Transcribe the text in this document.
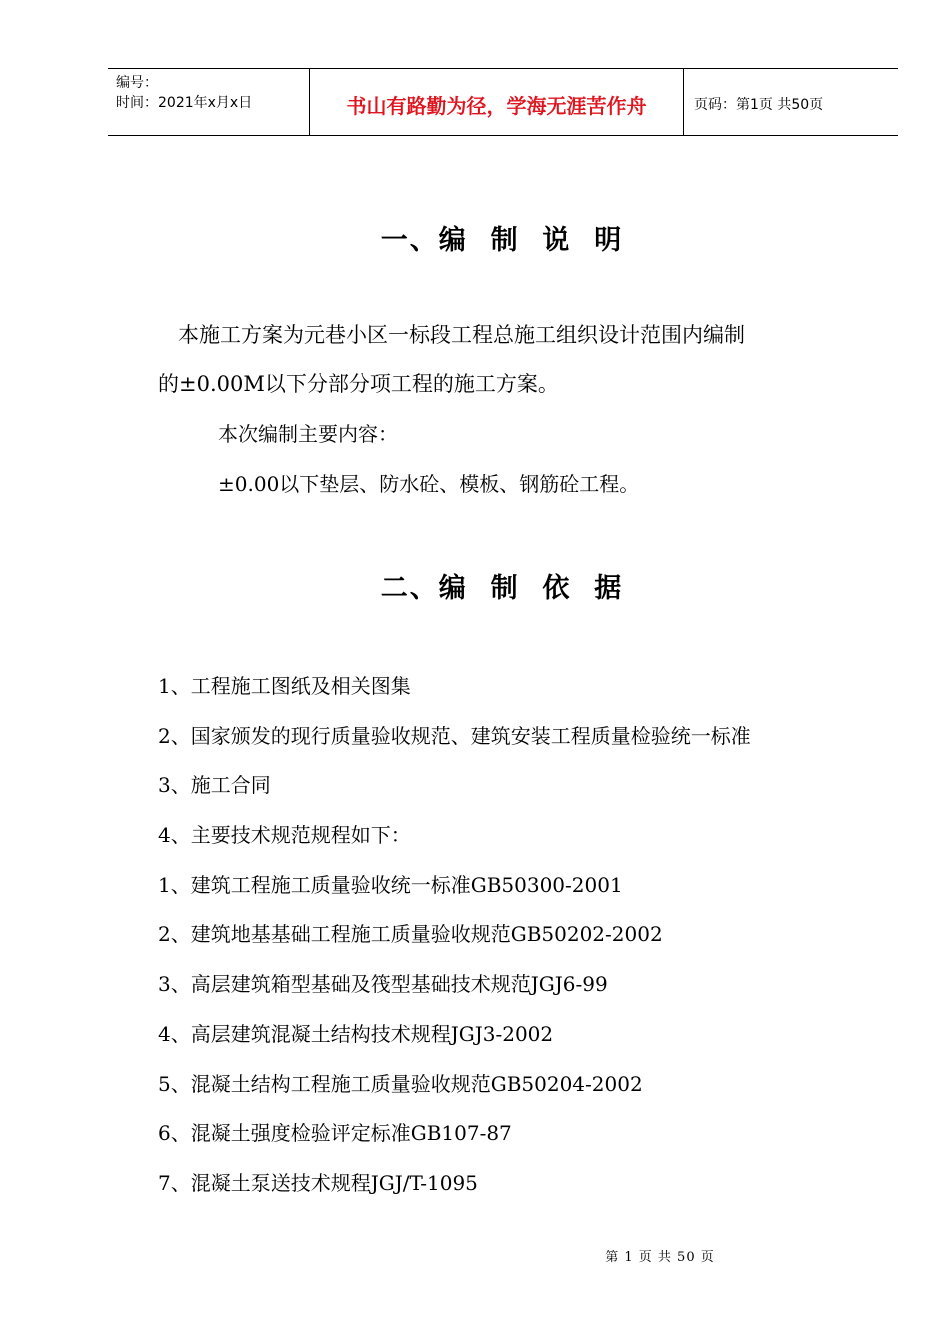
编号：
时间：2021年x月x日	书山有路勤为径，学海无涯苦作舟	页码：第1页 共50页
一、编  制  说  明
本施工方案为元巷小区一标段工程总施工组织设计范围内编制
的±0.00M以下分部分项工程的施工方案。
本次编制主要内容：
±0.00以下垫层、防水砼、模板、钢筋砼工程。
二、编  制  依  据
1、工程施工图纸及相关图集
2、国家颁发的现行质量验收规范、建筑安装工程质量检验统一标准
3、施工合同
4、主要技术规范规程如下：
1、建筑工程施工质量验收统一标准GB50300-2001
2、建筑地基基础工程施工质量验收规范GB50202-2002
3、高层建筑箱型基础及筏型基础技术规范JGJ6-99
4、高层建筑混凝土结构技术规程JGJ3-2002
5、混凝土结构工程施工质量验收规范GB50204-2002
6、混凝土强度检验评定标准GB107-87
7、混凝土泵送技术规程JGJ/T-1095
第 1 页 共 50 页
